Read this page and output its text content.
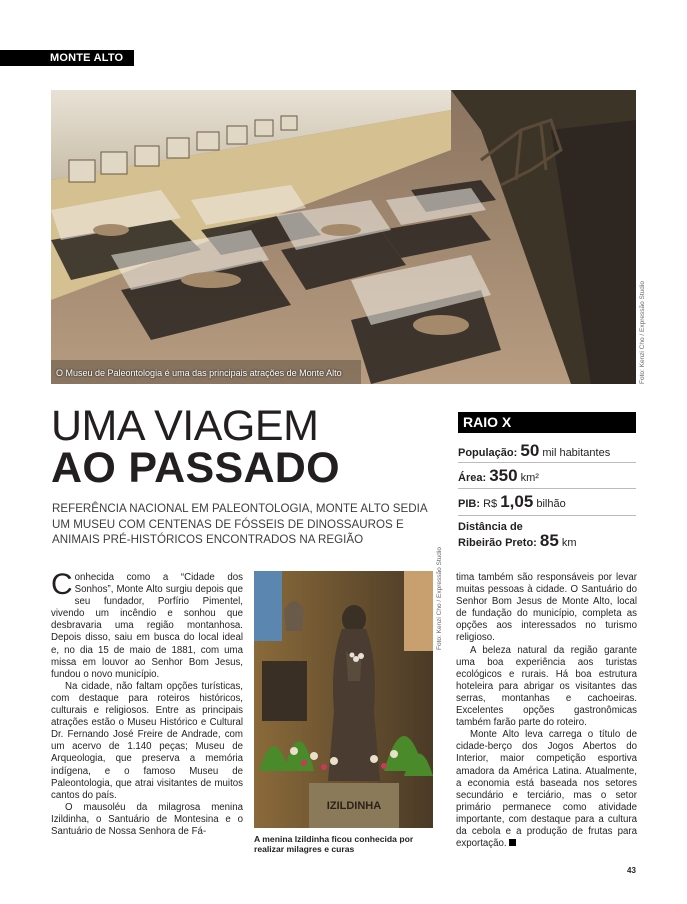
MONTE ALTO
O Museu de Paleontologia é uma das principais atrações de Monte Alto	Foto: Kenzi Cho / Expressão Studio
UMA VIAGEM
AO PASSADO
REFERÊNCIA NACIONAL EM PALEONTOLOGIA, MONTE ALTO SEDIA UM MUSEU COM CENTENAS DE FÓSSEIS DE DINOSSAUROS E ANIMAIS PRÉ-HISTÓRICOS ENCONTRADOS NA REGIÃO
RAIO X
População: 50 mil habitantes
Área: 350 km²
PIB: R$ 1,05 bilhão
Distância de
Ribeirão Preto: 85 km

Conhecida como a “Cidade dos Sonhos”, Monte Alto surgiu depois que seu fundador, Porfírio Pimentel, vivendo um incêndio e sonhou que desbravaria uma região montanhosa. Depois disso, saiu em busca do local ideal e, no dia 15 de maio de 1881, com uma missa em louvor ao Senhor Bom Jesus, fundou o novo município.

Na cidade, não faltam opções turísticas, com destaque para roteiros históricos, culturais e religiosos. Entre as principais atrações estão o Museu Histórico e Cultural Dr. Fernando José Freire de Andrade, com um acervo de 1.140 peças; Museu de Arqueologia, que preserva a memória indígena, e o famoso Museu de Paleontologia, que atrai visitantes de muitos cantos do país.

O mausoléu da milagrosa menina Izildinha, o Santuário de Montesina e o Santuário de Nossa Senhora de Fá-

IZILDINHA
Foto: Kenzi Cho / Expressão Studio
A menina Izildinha ficou conhecida por realizar milagres e curas

tima também são responsáveis por levar muitas pessoas à cidade. O Santuário do Senhor Bom Jesus de Monte Alto, local de fundação do município, completa as opções aos interessados no turismo religioso.

A beleza natural da região garante uma boa experiência aos turistas ecológicos e rurais. Há boa estrutura hoteleira para abrigar os visitantes das serras, montanhas e cachoeiras. Excelentes opções gastronômicas também farão parte do roteiro.

Monte Alto leva carrega o título de cidade-berço dos Jogos Abertos do Interior, maior competição esportiva amadora da América Latina. Atualmente, a economia está baseada nos setores secundário e terciário, mas o setor primário permanece como atividade importante, com destaque para a cultura da cebola e a produção de frutas para exportação.

43
